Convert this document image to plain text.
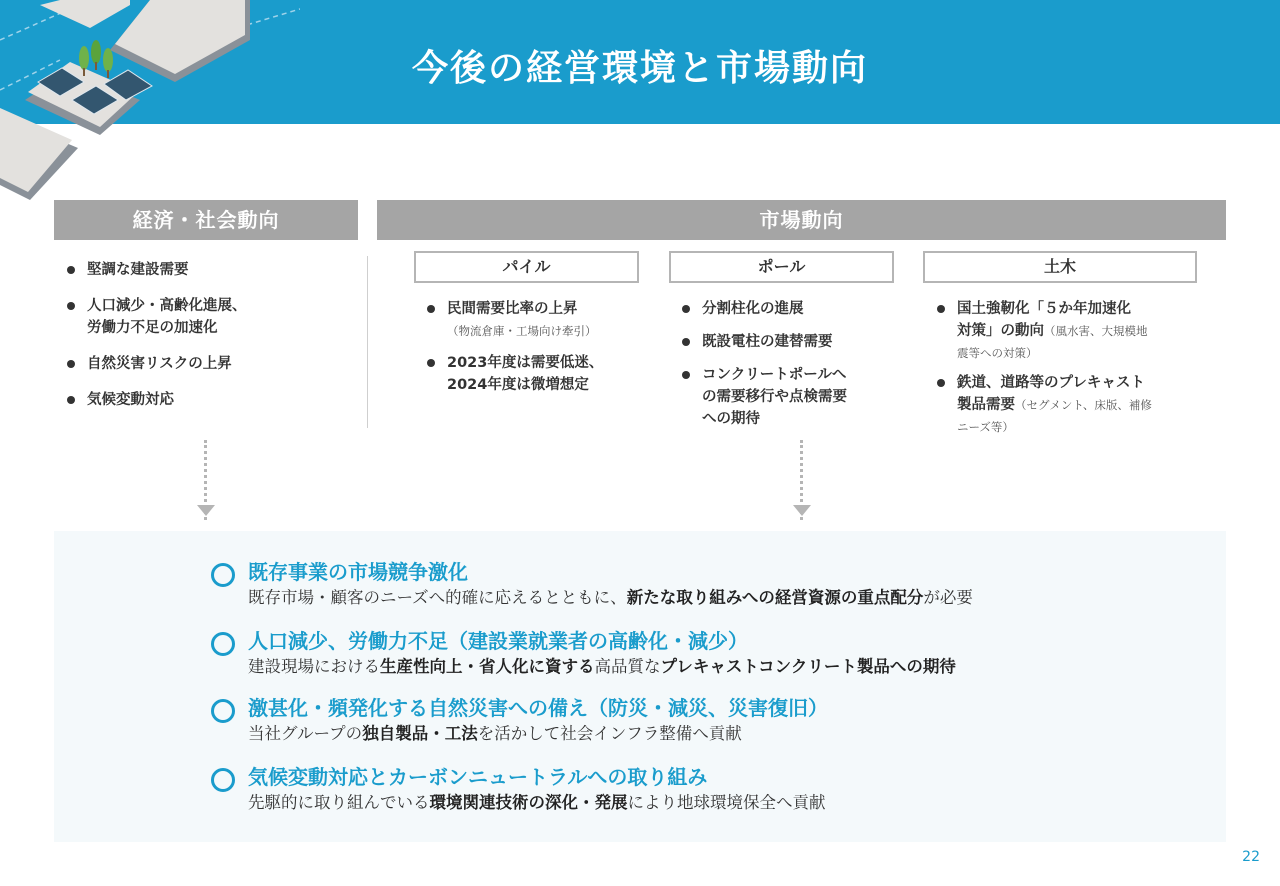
今後の経営環境と市場動向
経済・社会動向	市場動向
堅調な建設需要
人口減少・高齢化進展、
労働力不足の加速化
自然災害リスクの上昇
気候変動対応
パイル	ポール	土木
民間需要比率の上昇
（物流倉庫・工場向け牽引）
2023年度は需要低迷、
2024年度は微増想定
分割柱化の進展
既設電柱の建替需要
コンクリートポールへ
の需要移行や点検需要
への期待
国土強靭化「５か年加速化
対策」の動向（風水害、大規模地
震等への対策）
鉄道、道路等のプレキャスト
製品需要（セグメント、床版、補修
ニーズ等）
既存事業の市場競争激化
既存市場・顧客のニーズへ的確に応えるとともに、新たな取り組みへの経営資源の重点配分が必要
人口減少、労働力不足（建設業就業者の高齢化・減少）
建設現場における生産性向上・省人化に資する高品質なプレキャストコンクリート製品への期待
激甚化・頻発化する自然災害への備え（防災・減災、災害復旧）
当社グループの独自製品・工法を活かして社会インフラ整備へ貢献
気候変動対応とカーボンニュートラルへの取り組み
先駆的に取り組んでいる環境関連技術の深化・発展により地球環境保全へ貢献
22
